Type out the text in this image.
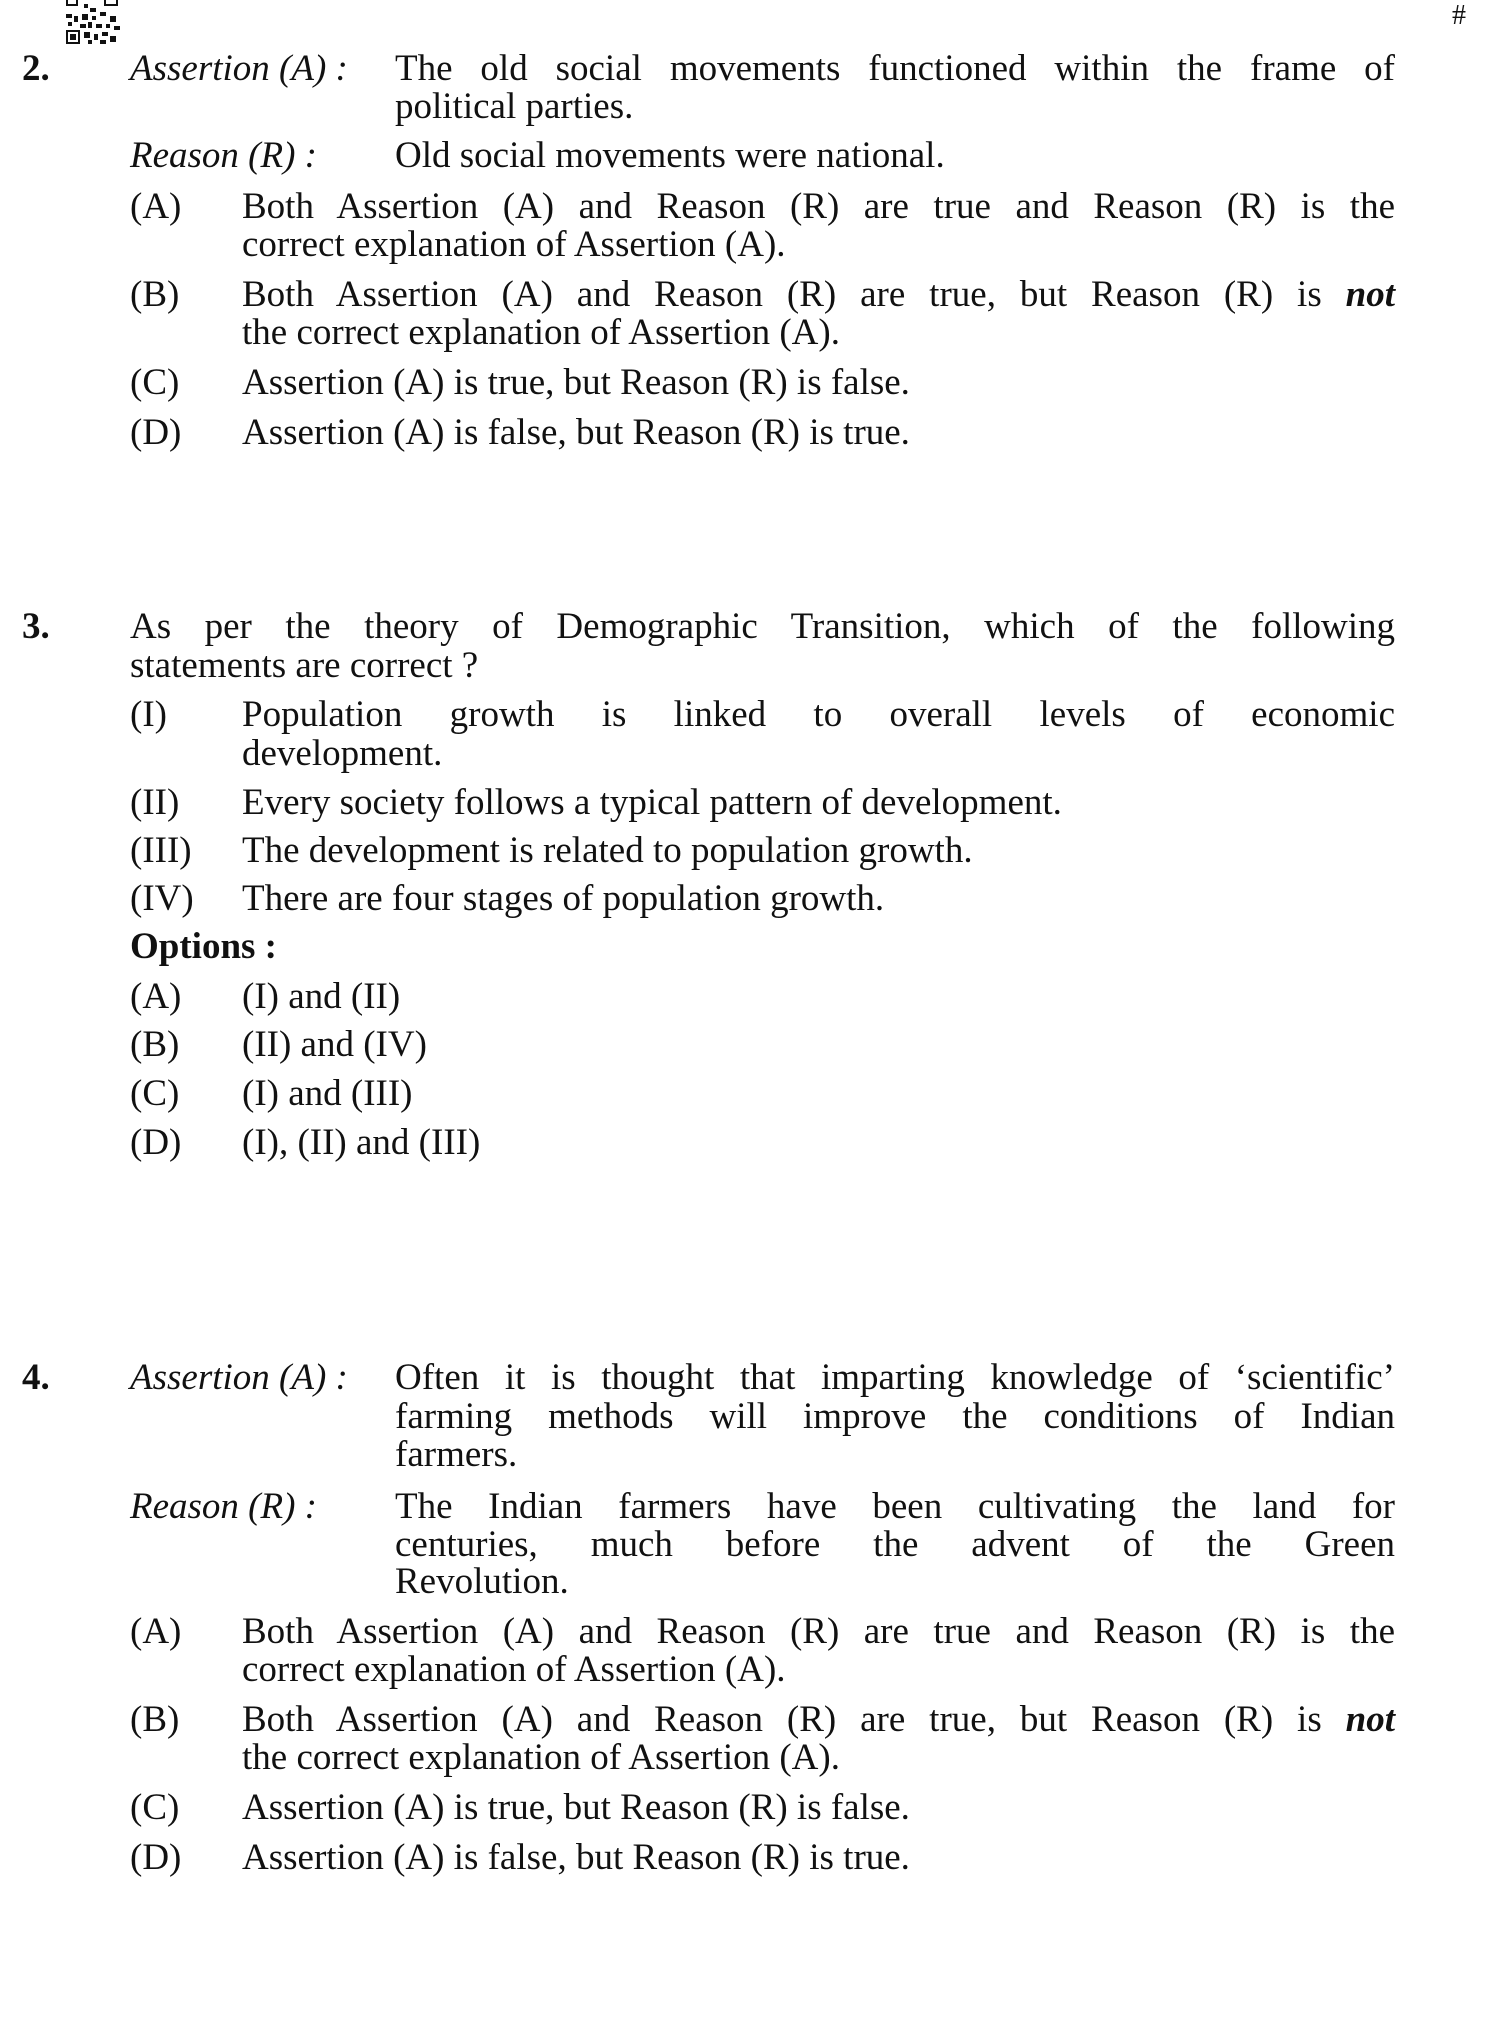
#
2. Assertion (A) : The old social movements functioned within the frame of
political parties.
Reason (R) : Old social movements were national.
(A) Both Assertion (A) and Reason (R) are true and Reason (R) is the
correct explanation of Assertion (A).
(B) Both Assertion (A) and Reason (R) are true, but Reason (R) is not
the correct explanation of Assertion (A).
(C) Assertion (A) is true, but Reason (R) is false.
(D) Assertion (A) is false, but Reason (R) is true.
3. As per the theory of Demographic Transition, which of the following
statements are correct ?
(I) Population growth is linked to overall levels of economic
development.
(II) Every society follows a typical pattern of development.
(III) The development is related to population growth.
(IV) There are four stages of population growth.
Options :
(A) (I) and (II)
(B) (II) and (IV)
(C) (I) and (III)
(D) (I), (II) and (III)
4. Assertion (A) : Often it is thought that imparting knowledge of ‘scientific’
farming methods will improve the conditions of Indian
farmers.
Reason (R) : The Indian farmers have been cultivating the land for
centuries, much before the advent of the Green
Revolution.
(A) Both Assertion (A) and Reason (R) are true and Reason (R) is the
correct explanation of Assertion (A).
(B) Both Assertion (A) and Reason (R) are true, but Reason (R) is not
the correct explanation of Assertion (A).
(C) Assertion (A) is true, but Reason (R) is false.
(D) Assertion (A) is false, but Reason (R) is true.
